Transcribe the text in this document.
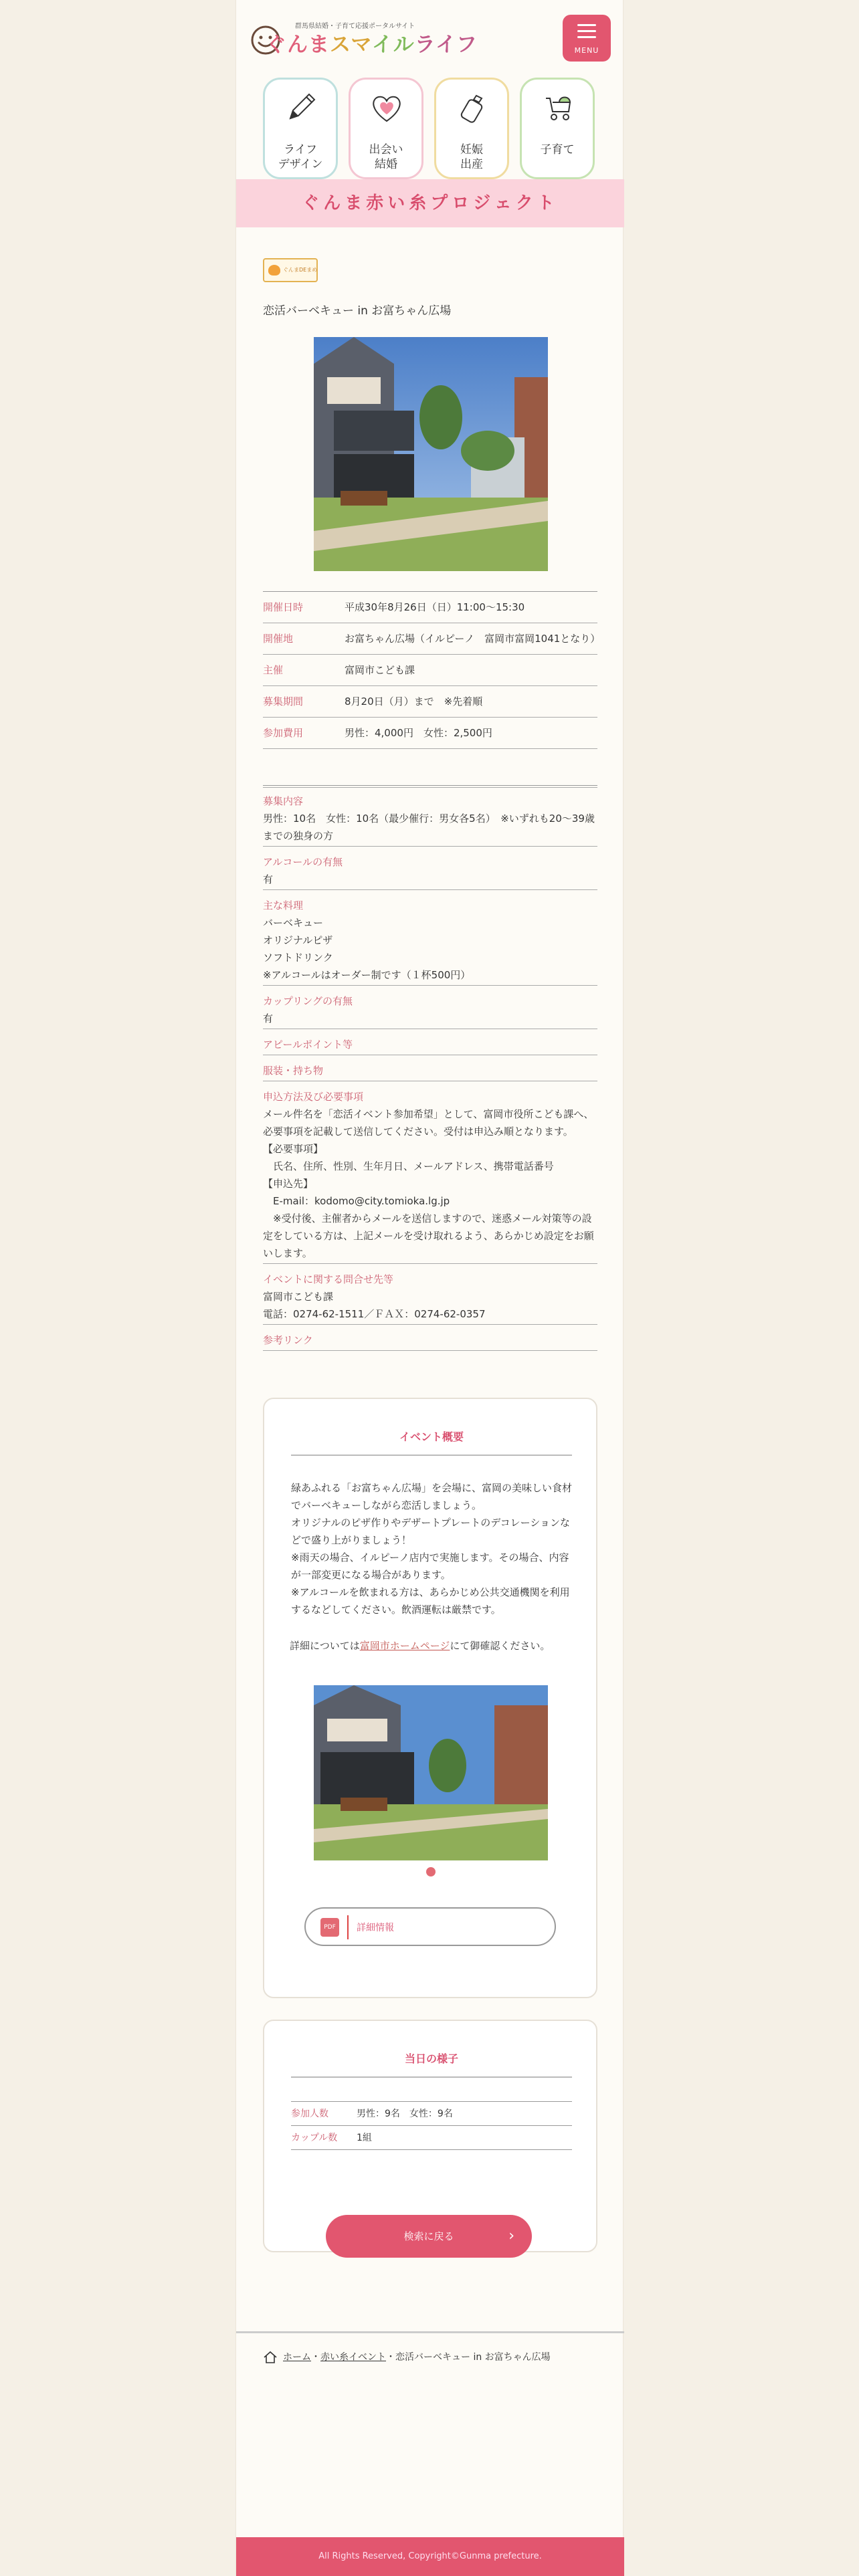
群馬県結婚・子育て応援ポータルサイト
ぐんまスマイルライフ	MENU
ライフ
デザイン
出会い
結婚
妊娠
出産
子育て
ぐんま赤い糸プロジェクト
ぐんまDEまめ
恋活バーベキュー in お富ちゃん広場
開催日時	平成30年8月26日（日）11:00～15:30
開催地	お富ちゃん広場（イルピーノ　富岡市富岡1041となり）
主催	富岡市こども課
募集期間	8月20日（月）まで　※先着順
参加費用	男性：4,000円　女性：2,500円
募集内容
男性：10名　女性：10名（最少催行：男女各5名）　※いずれも20～39歳までの独身の方
アルコールの有無
有
主な料理
バーベキュー
オリジナルピザ
ソフトドリンク
※アルコールはオーダー制です（１杯500円）
カップリングの有無
有
アピールポイント等
服装・持ち物
申込方法及び必要事項
メール件名を「恋活イベント参加希望」として、富岡市役所こども課へ、必要事項を記載して送信してください。受付は申込み順となります。
【必要事項】
　氏名、住所、性別、生年月日、メールアドレス、携帯電話番号
【申込先】
　E-mail：kodomo@city.tomioka.lg.jp
　※受付後、主催者からメールを送信しますので、迷惑メール対策等の設定をしている方は、上記メールを受け取れるよう、あらかじめ設定をお願いします。
イベントに関する問合せ先等
富岡市こども課
電話：0274-62-1511／ＦＡＸ：0274-62-0357
参考リンク
イベント概要
緑あふれる「お富ちゃん広場」を会場に、富岡の美味しい食材でバーベキューしながら恋活しましょう。
オリジナルのピザ作りやデザートプレートのデコレーションなどで盛り上がりましょう！
※雨天の場合、イルピーノ店内で実施します。その場合、内容が一部変更になる場合があります。
※アルコールを飲まれる方は、あらかじめ公共交通機関を利用するなどしてください。飲酒運転は厳禁です。
詳細については富岡市ホームページにて御確認ください。
PDF	詳細情報
当日の様子
参加人数	男性：9名　女性：9名
カップル数	1組
検索に戻る	›
ホーム・赤い糸イベント・恋活バーベキュー in お富ちゃん広場
All Rights Reserved, Copyright©Gunma prefecture.
